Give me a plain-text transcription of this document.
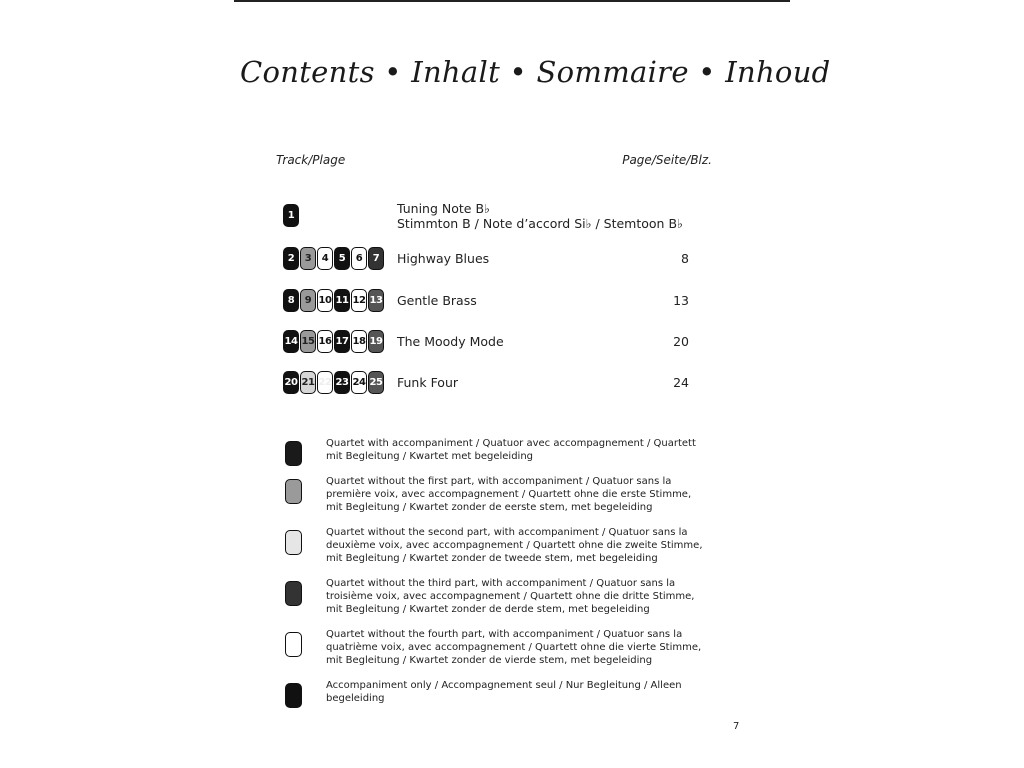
Contents • Inhalt • Sommaire • Inhoud
Track/Plage	Page/Seite/Blz.
1	Tuning Note B♭
Stimmton B / Note d’accord Si♭ / Stemtoon B♭
2	3	4	5	6	7	Highway Blues	8
8	9 10 11 12 13 Gentle Brass	13
14 15 16 17 18 19 The Moody Mode	20
20 21 22 23 24 25 Funk Four	24
Quartet with accompaniment / Quatuor avec accompagnement / Quartett mit Begleitung / Kwartet met begeleiding
Quartet without the first part, with accompaniment / Quatuor sans la première voix, avec accompagnement / Quartett ohne die erste Stimme, mit Begleitung / Kwartet zonder de eerste stem, met begeleiding
Quartet without the second part, with accompaniment / Quatuor sans la deuxième voix, avec accompagnement / Quartett ohne die zweite Stimme, mit Begleitung / Kwartet zonder de tweede stem, met begeleiding
Quartet without the third part, with accompaniment / Quatuor sans la troisième voix, avec accompagnement / Quartett ohne die dritte Stimme, mit Begleitung / Kwartet zonder de derde stem, met begeleiding
Quartet without the fourth part, with accompaniment / Quatuor sans la quatrième voix, avec accompagnement / Quartett ohne die vierte Stimme, mit Begleitung / Kwartet zonder de vierde stem, met begeleiding
Accompaniment only / Accompagnement seul / Nur Begleitung / Alleen begeleiding
7
